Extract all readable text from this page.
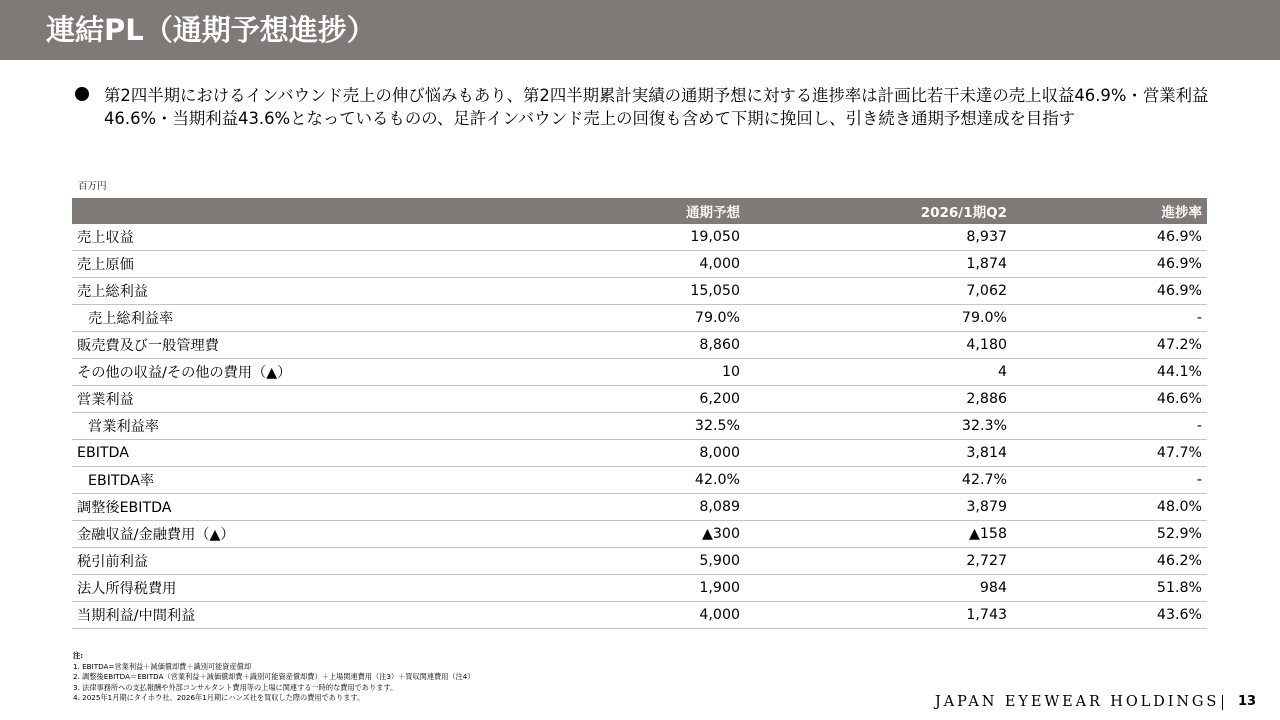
連結PL（通期予想進捗）
第2四半期におけるインバウンド売上の伸び悩みもあり、第2四半期累計実績の通期予想に対する進捗率は計画比若干未達の売上収益46.9%・営業利益46.6%・当期利益43.6%となっているものの、足許インバウンド売上の回復も含めて下期に挽回し、引き続き通期予想達成を目指す
百万円
	通期予想	2026/1期Q2	進捗率
売上収益	19,050	8,937	46.9%
売上原価	4,000	1,874	46.9%
売上総利益	15,050	7,062	46.9%
売上総利益率	79.0%	79.0%	-
販売費及び一般管理費	8,860	4,180	47.2%
その他の収益/その他の費用（▲）	10	4	44.1%
営業利益	6,200	2,886	46.6%
営業利益率	32.5%	32.3%	-
EBITDA	8,000	3,814	47.7%
EBITDA率	42.0%	42.7%	-
調整後EBITDA	8,089	3,879	48.0%
金融収益/金融費用（▲）	▲300	▲158	52.9%
税引前利益	5,900	2,727	46.2%
法人所得税費用	1,900	984	51.8%
当期利益/中間利益	4,000	1,743	43.6%
注:
1. EBITDA=営業利益＋減価償却費＋識別可能資産償却
2. 調整後EBITDA＝EBITDA（営業利益＋減価償却費＋識別可能資産償却費）＋上場関連費用（注3）＋買収関連費用（注4）
3. 法律事務所への支払報酬や外部コンサルタント費用等の上場に関連する一時的な費用であります。
4. 2025年1月期にタイホウ社、2026年1月期にハンズ社を買収した際の費用であります。	JAPAN EYEWEAR HOLDINGS 13
